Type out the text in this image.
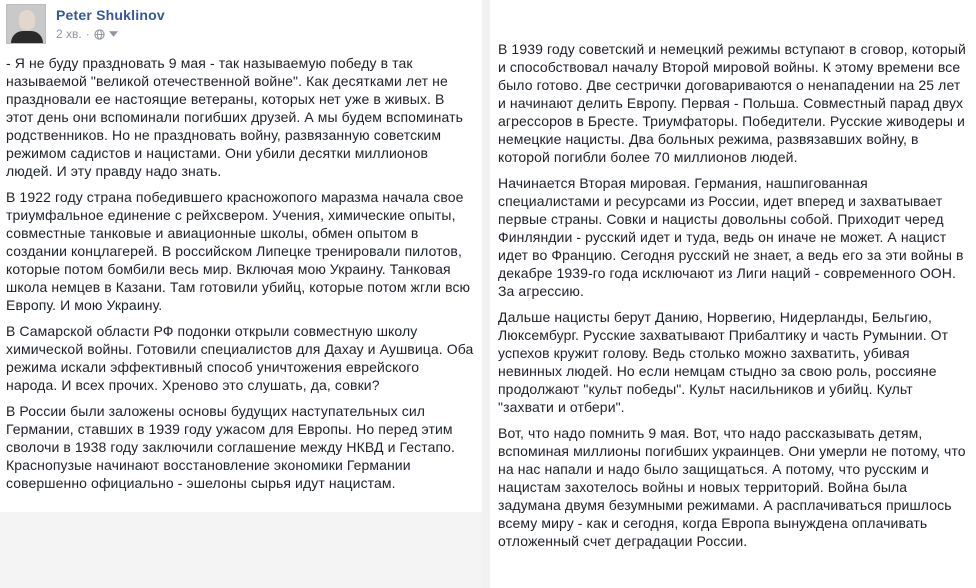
Peter Shuklinov
2 хв. ·

- Я не буду праздновать 9 мая - так называемую победу в так называемой "великой отечественной войне". Как десятками лет не праздновали ее настоящие ветераны, которых нет уже в живых. В этот день они вспоминали погибших друзей. А мы будем вспоминать родственников. Но не праздновать войну, развязанную советским режимом садистов и нацистами. Они убили десятки миллионов людей. И эту правду надо знать.

В 1922 году страна победившего красножопого маразма начала свое триумфальное единение с рейхсвером. Учения, химические опыты, совместные танковые и авиационные школы, обмен опытом в создании концлагерей. В российском Липецке тренировали пилотов, которые потом бомбили весь мир. Включая мою Украину. Танковая школа немцев в Казани. Там готовили убийц, которые потом жгли всю Европу. И мою Украину.

В Самарской области РФ подонки открыли совместную школу химической войны. Готовили специалистов для Дахау и Аушвица. Оба режима искали эффективный способ уничтожения еврейского народа. И всех прочих. Хреново это слушать, да, совки?

В России были заложены основы будущих наступательных сил Германии, ставших в 1939 году ужасом для Европы. Но перед этим сволочи в 1938 году заключили соглашение между НКВД и Гестапо. Краснопузые начинают восстановление экономики Германии совершенно официально - эшелоны сырья идут нацистам.

В 1939 году советский и немецкий режимы вступают в сговор, который и способствовал началу Второй мировой войны. К этому времени все было готово. Две сестрички договариваются о ненападении на 25 лет и начинают делить Европу. Первая - Польша. Совместный парад двух агрессоров в Бресте. Триумфаторы. Победители. Русские живодеры и немецкие нацисты. Два больных режима, развязавших войну, в которой погибли более 70 миллионов людей.

Начинается Вторая мировая. Германия, нашпигованная специалистами и ресурсами из России, идет вперед и захватывает первые страны. Совки и нацисты довольны собой. Приходит черед Финляндии - русский идет и туда, ведь он иначе не может. А нацист идет во Францию. Сегодня русский не знает, а ведь его за эти войны в декабре 1939-го года исключают из Лиги наций - современного ООН. За агрессию.

Дальше нацисты берут Данию, Норвегию, Нидерланды, Бельгию, Люксембург. Русские захватывают Прибалтику и часть Румынии. От успехов кружит голову. Ведь столько можно захватить, убивая невинных людей. Но если немцам стыдно за свою роль, россияне продолжают "культ победы". Культ насильников и убийц. Культ "захвати и отбери".

Вот, что надо помнить 9 мая. Вот, что надо рассказывать детям, вспоминая миллионы погибших украинцев. Они умерли не потому, что на нас напали и надо было защищаться. А потому, что русским и нацистам захотелось войны и новых территорий. Война была задумана двумя безумными режимами. А расплачиваться пришлось всему миру - как и сегодня, когда Европа вынуждена оплачивать отложенный счет деградации России.
